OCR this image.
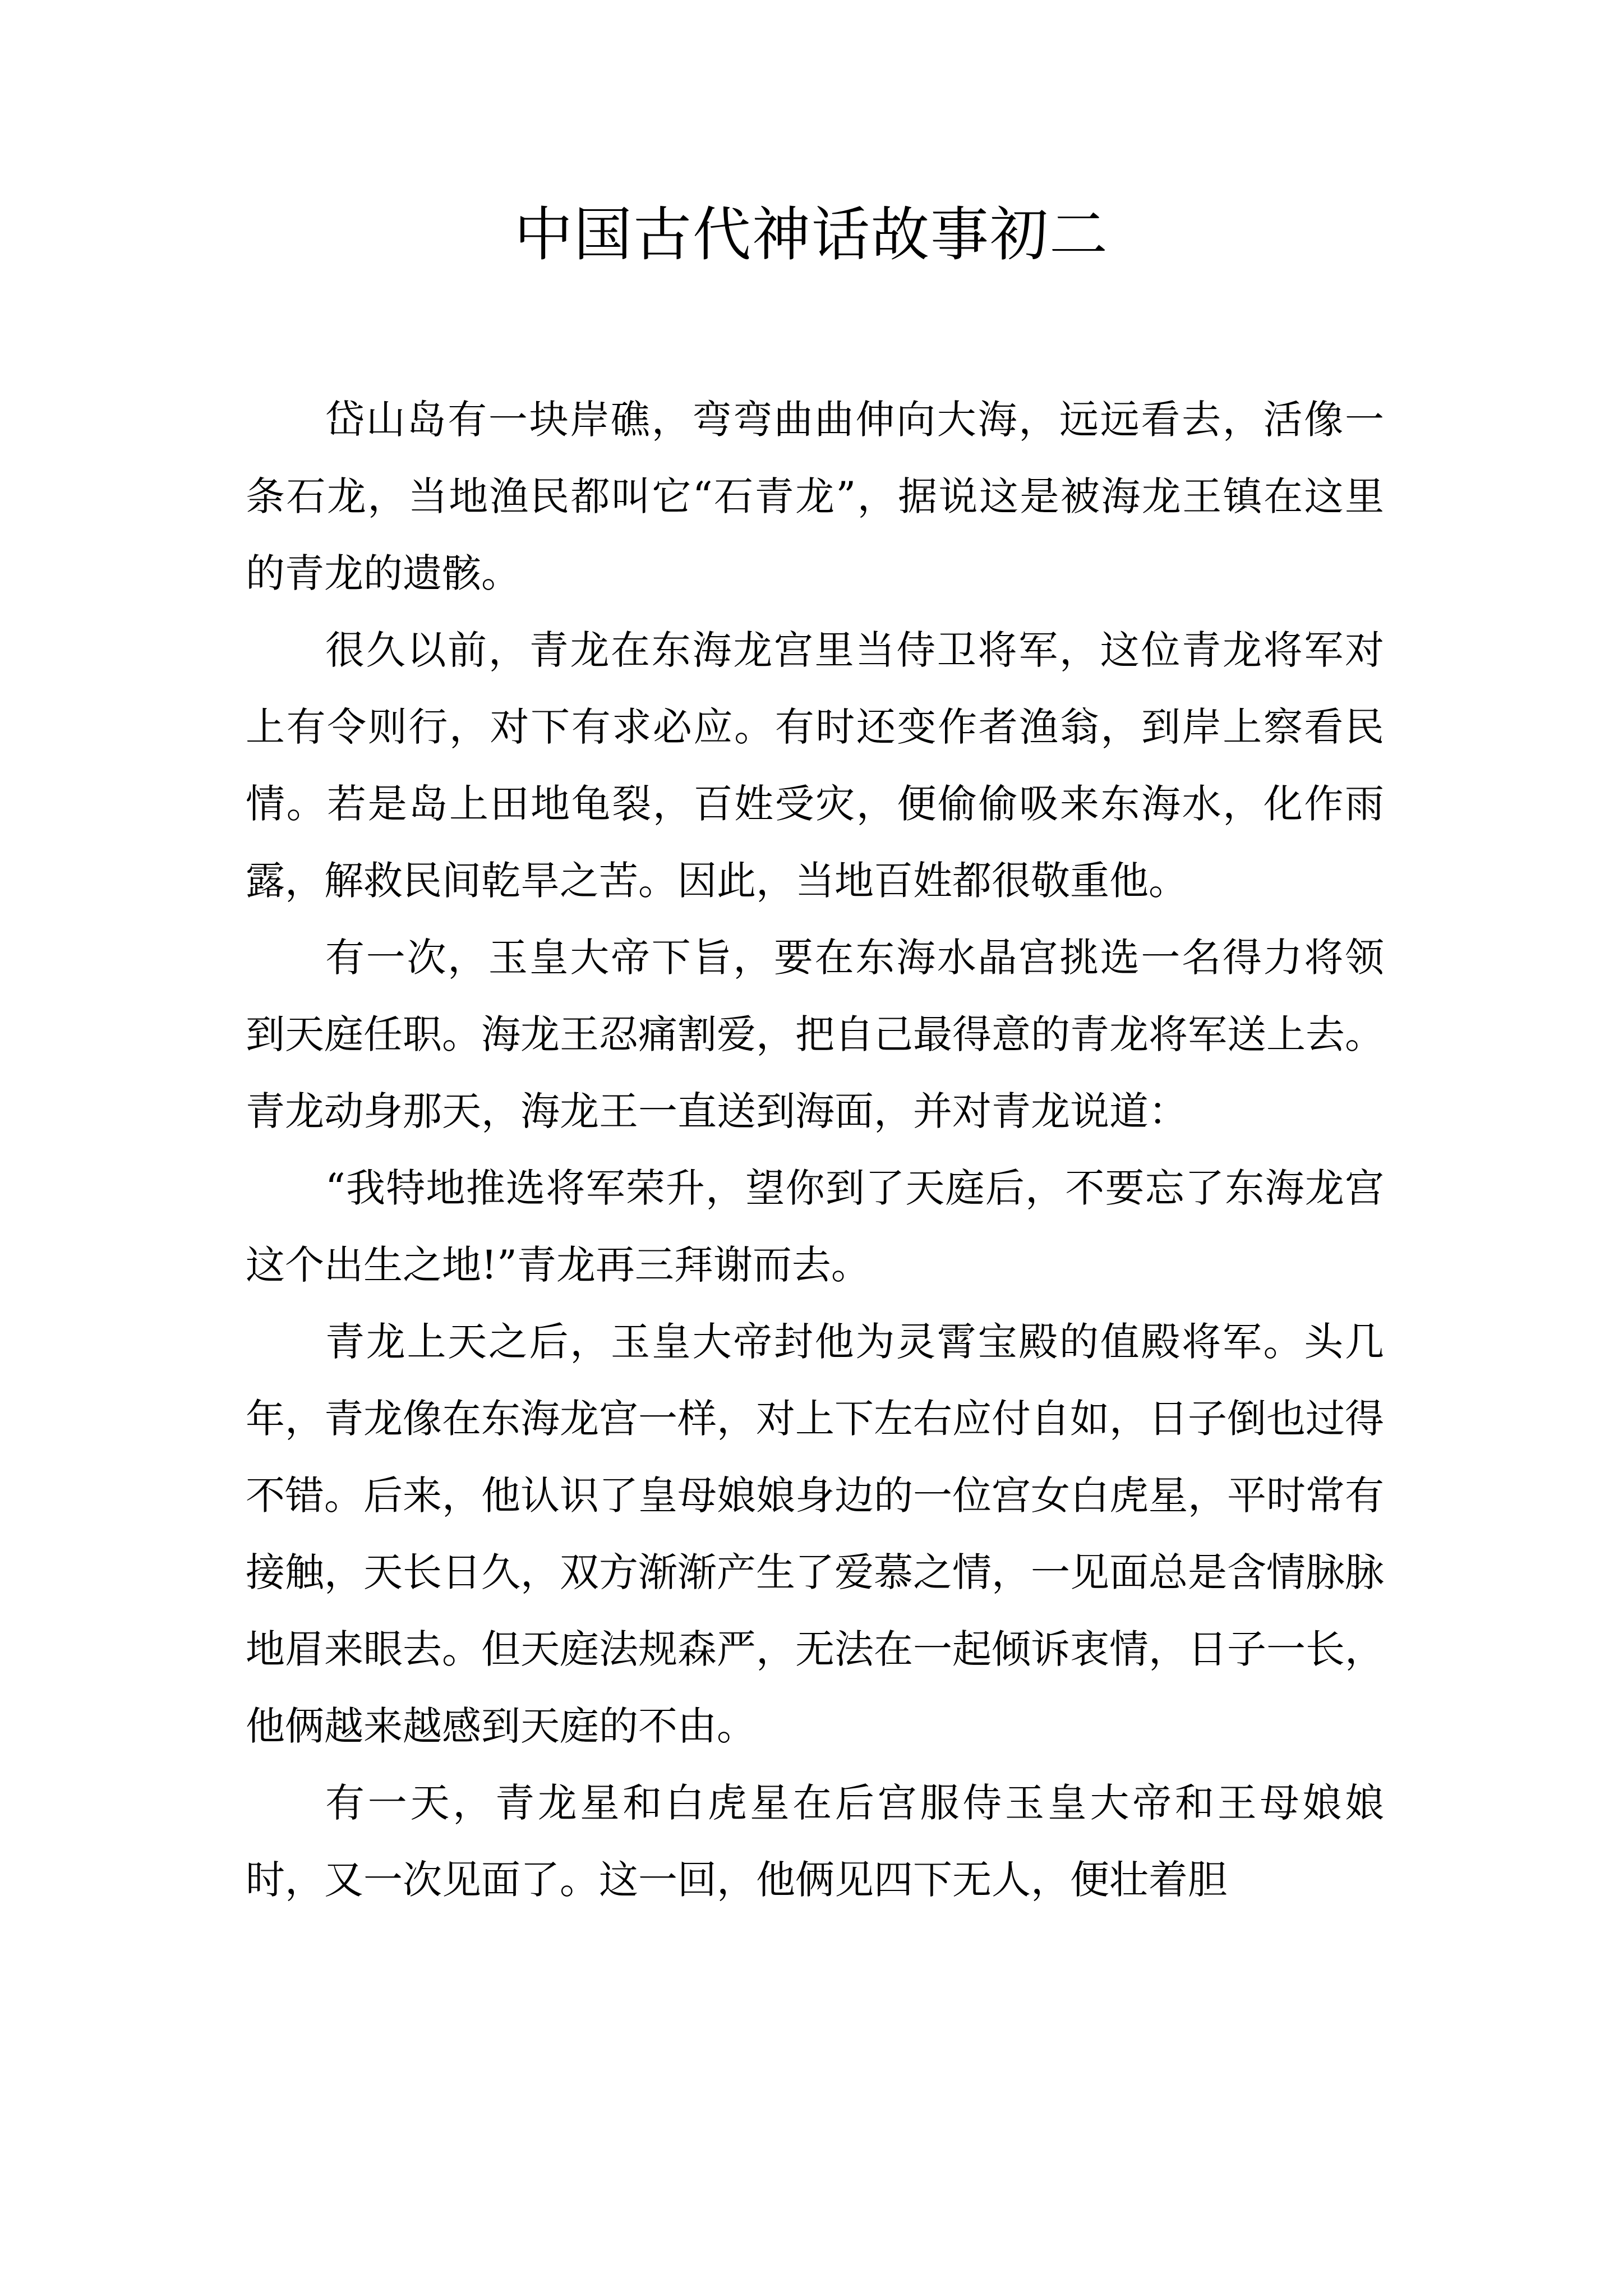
中国古代神话故事初二

岱山岛有一块岸礁，弯弯曲曲伸向大海，远远看去，活像一条石龙，当地渔民都叫它“石青龙”，据说这是被海龙王镇在这里的青龙的遗骸。

很久以前，青龙在东海龙宫里当侍卫将军，这位青龙将军对上有令则行，对下有求必应。有时还变作者渔翁，到岸上察看民情。若是岛上田地龟裂，百姓受灾，便偷偷吸来东海水，化作雨露，解救民间乾旱之苦。因此，当地百姓都很敬重他。

有一次，玉皇大帝下旨，要在东海水晶宫挑选一名得力将领到天庭任职。海龙王忍痛割爱，把自己最得意的青龙将军送上去。青龙动身那天，海龙王一直送到海面，并对青龙说道：

“我特地推选将军荣升，望你到了天庭后，不要忘了东海龙宫这个出生之地!”青龙再三拜谢而去。

青龙上天之后，玉皇大帝封他为灵霄宝殿的值殿将军。头几年，青龙像在东海龙宫一样，对上下左右应付自如，日子倒也过得不错。后来，他认识了皇母娘娘身边的一位宫女白虎星，平时常有接触，天长日久，双方渐渐产生了爱慕之情，一见面总是含情脉脉地眉来眼去。但天庭法规森严，无法在一起倾诉衷情，日子一长，他俩越来越感到天庭的不由。

有一天，青龙星和白虎星在后宫服侍玉皇大帝和王母娘娘时，又一次见面了。这一回，他俩见四下无人，便壮着胆
